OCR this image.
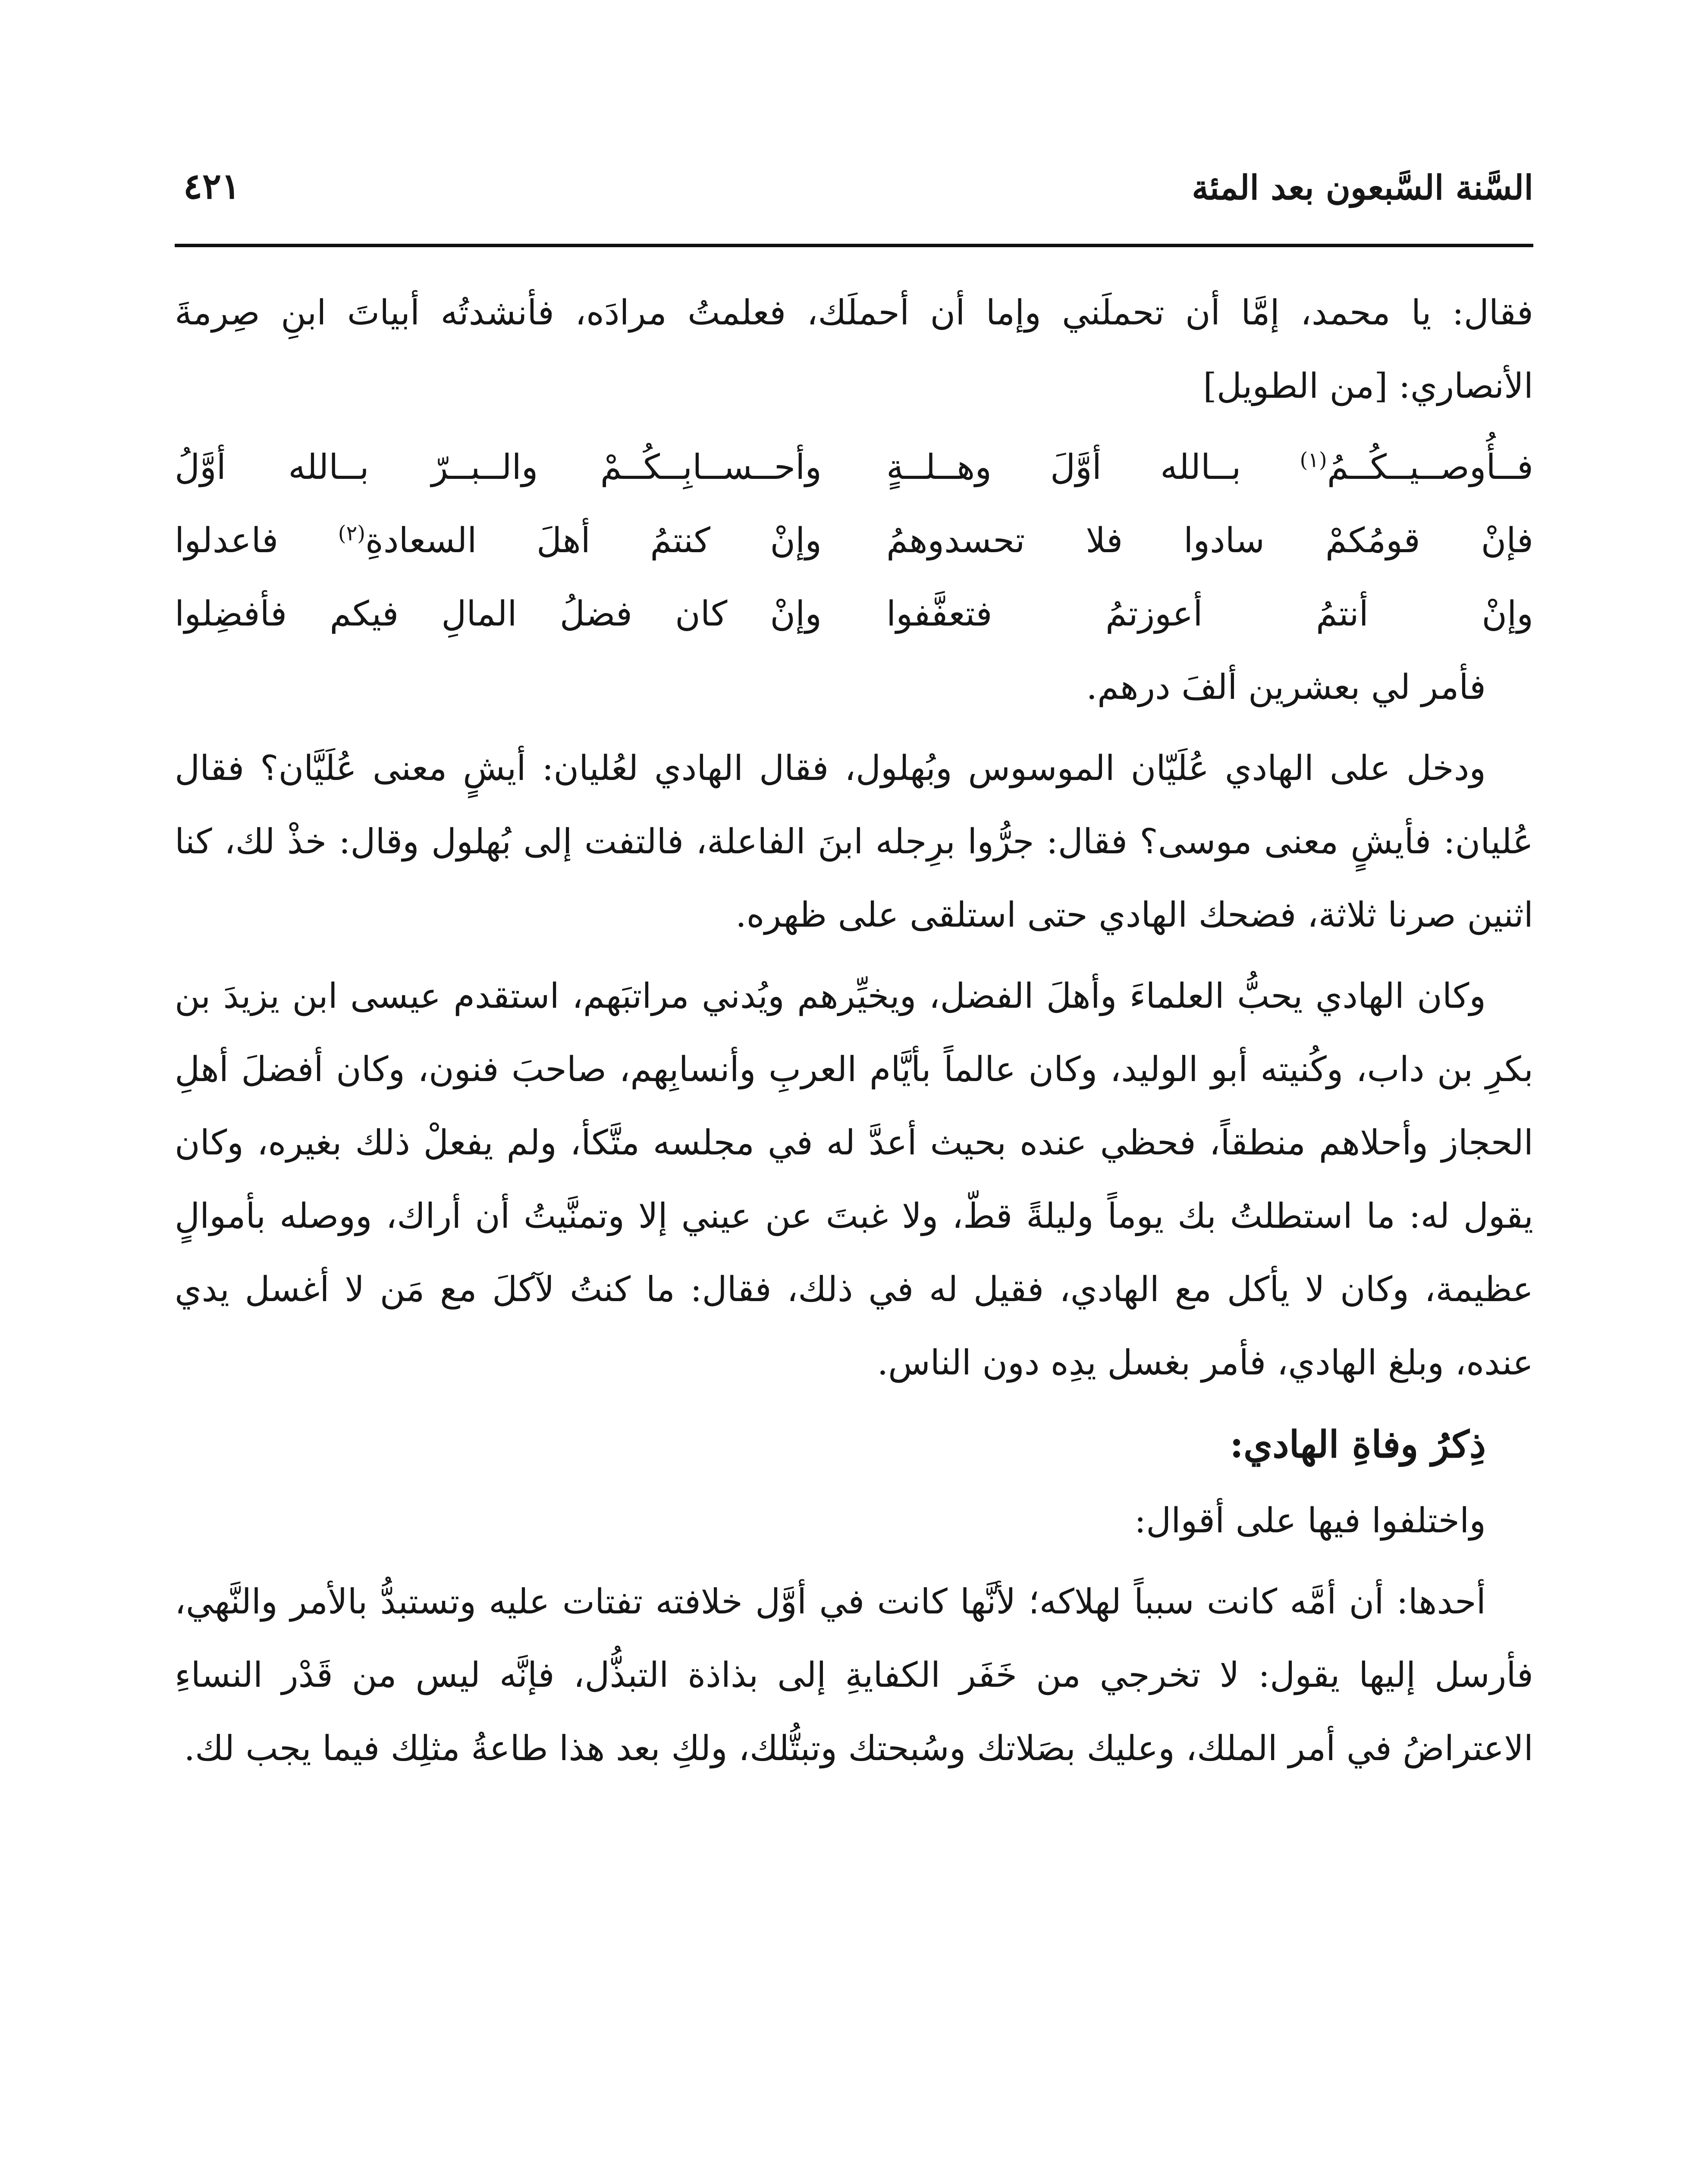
السَّنة السَّبعون بعد المئة
٤٢١

فقال: يا محمد، إمَّا أن تحملَني وإما أن أحملَك، فعلمتُ مرادَه، فأنشدتُه أبياتَ ابنِ صِرمةَ الأنصاري: [من الطويل]

فــأُوصــيــكُــمُ$^{(١)}$ بــالله أوَّلَ وهــلــةٍ
وأحــســابِــكُــمْ والــبــرّ بــالله أوَّلُ
فإنْ قومُكمْ سادوا فلا تحسدوهمُ
وإنْ كنتمُ أهلَ السعادةِ$^{(٢)}$ فاعدلوا
وإنْ أنتمُ أعوزتمُ فتعفَّفوا
وإنْ كان فضلُ المالِ فيكم فأفضِلوا

فأمر لي بعشرين ألفَ درهم.

ودخل على الهادي عُلَيّان الموسوس وبُهلول، فقال الهادي لعُليان: أيشٍ معنى عُلَيَّان؟ فقال عُليان: فأيشٍ معنى موسى؟ فقال: جرُّوا برِجله ابنَ الفاعلة، فالتفت إلى بُهلول وقال: خذْ لك، كنا اثنين صرنا ثلاثة، فضحك الهادي حتى استلقى على ظهره.

وكان الهادي يحبُّ العلماءَ وأهلَ الفضل، ويخيِّرهم ويُدني مراتبَهم، استقدم عيسى ابن يزيدَ بن بكرِ بن داب، وكُنيته أبو الوليد، وكان عالماً بأيَّام العربِ وأنسابِهم، صاحبَ فنون، وكان أفضلَ أهلِ الحجاز وأحلاهم منطقاً، فحظي عنده بحيث أعدَّ له في مجلسه متَّكأ، ولم يفعلْ ذلك بغيره، وكان يقول له: ما استطلتُ بك يوماً وليلةً قطّ، ولا غبتَ عن عيني إلا وتمنَّيتُ أن أراك، ووصله بأموالٍ عظيمة، وكان لا يأكل مع الهادي، فقيل له في ذلك، فقال: ما كنتُ لآكلَ مع مَن لا أغسل يدي عنده، وبلغ الهادي، فأمر بغسل يدِه دون الناس.

ذِكرُ وفاةِ الهادي:

واختلفوا فيها على أقوال:

أحدها: أن أمَّه كانت سبباً لهلاكه؛ لأنَّها كانت في أوَّل خلافته تفتات عليه وتستبدُّ بالأمر والنَّهي، فأرسل إليها يقول: لا تخرجي من خَفَر الكفايةِ إلى بذاذة التبذُّل، فإنَّه ليس من قَدْر النساءِ الاعتراضُ في أمر الملك، وعليك بصَلاتك وسُبحتك وتبتُّلك، ولكِ بعد هذا طاعةُ مثلِك فيما يجب لك.
